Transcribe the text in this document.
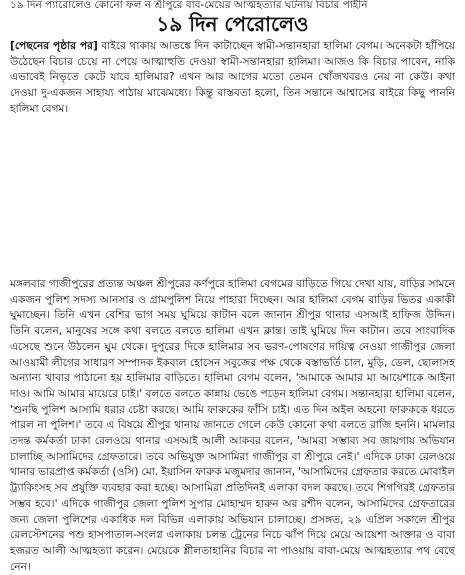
১৯ দিন প্যারোলেও কোনো ফল ন শ্রীপুরে বাব-মেয়ের আত্মহত্যার ঘটনায় বিচার পাইনি
১৯ দিন পেরোলেও
[পেছনের পৃষ্ঠার পর] বাইরে থাকায় আতঙ্কে দিন কাটাচ্ছেন স্বামী-সন্তানহারা হালিমা বেগম। অনেকটা হাঁপিয়ে উঠেছেন বিচার চেয়ে না পেয়ে আত্মাহুতি দেওয়া স্বামী-সন্তানহারা হালিমা। আজও কি বিচার পাবেন, নাকি এভাবেই নিভৃতে কেটে যাবে হালিমার? এখন আর আগের মতো তেমন খোঁজখবরও নেয় না কেউ। কথা দেওয়া দু-একজন সাহায্য পাঠায় মাঝেমধ্যে। কিন্তু বাস্তবতা হলো, তিন সন্তানে আশ্বাসের বাইরে কিছু পাননি হালিমা বেগম।
মঙ্গলবার গাজীপুরের প্রত্যন্ত অঞ্চল শ্রীপুরের কর্ণপুরে হালিমা বেগমের বাড়িতে গিয়ে দেখা যায়, বাড়ির সামনে একজন পুলিশ সদস্য আনসার ও গ্রামপুলিশ নিয়ে পাহারা দিচ্ছেন। আর হালিমা বেগম বাড়ির ভিতর একাকী ঘুমাচ্ছেন। তিনি এখন বেশির ভাগ সময় ঘুমিয়ে কাটান বলে জানান শ্রীপুর থানার এসআই হাফিজ উদ্দিন। তিনি বলেন, মানুষের সঙ্গে কথা বলতে বলতে হালিমা এখন ক্লান্ত। তাই ঘুমিয়ে দিন কাটান। তবে সাংবাদিক এসেছে শুনে উঠলেন ঘুম থেকে। দুপুরের দিকে হালিমার সব ভরণ-পোষণের দায়িত্ব নেওয়া গাজীপুর জেলা আওয়ামী লীগের সাধারণ সম্পাদক ইকবাল হোসেন সবুজের পক্ষ থেকে বস্তাভর্তি চাল, মুড়ি, ডেল, ছোলাসহ অন্যান্য খাবার পাঠানো হয় হালিমার বাড়িতে। হালিমা বেগম বলেন, 'আমাকে আমার মা আয়েশাকে আইনা দাও। আমি আমার মায়েরে চাই।' বলতে বলতে কান্নায় ভেঙে পড়েন হালিমা বেগম। সন্তানহারা হালিমা বলেন, 'শুনছি পুলিশ আসামি ধরার চেষ্টা করছে। আমি ফারুকের ফাঁসি চাই। এত দিন অইল অহনো ফারুককে ধরতে পারল না পুলিশ।' তবে এ বিষয়ে শ্রীপুর থানায় জানতে গেলে কেউ কোনো কথা বলতে রাজি হননি। মামলার তদন্ত কর্মকর্তা ঢাকা রেলওয়ে থানার এসআই আলী আকবর বলেন, 'আমরা সম্ভাব্য সব জায়গায় অভিযান চালাচ্ছি আসামিদের গ্রেফতারে। তবে অভিযুক্ত আসামিরা গাজীপুর বা শ্রীপুরে নেই।' এদিকে ঢাকা রেলওয়ে থানার ভারপ্রাপ্ত কর্মকর্তা (ওসি) মো. ইয়াসিন ফারুক মজুমদার জানান, 'আসামিদের গ্রেফতার করতে মোবাইল ট্র্যাকিংসহ সব প্রযুক্তি ব্যবহার করা হচ্ছে। আসামিরা প্রতিদিনই এলাকা বদল করছে। তবে শিগগিরই গ্রেফতার সম্ভব হবে।' এদিকে গাজীপুর জেলা পুলিশ সুপার মোহাম্মদ হারুন অর রশীদ বলেন, আসামিদের গ্রেফতারের জন্য জেলা পুলিশের একাধিক দল বিভিন্ন এলাকায় অভিযান চালাচ্ছে। প্রসঙ্গত, ২৯ এপ্রিল সকালে শ্রীপুর রেলস্টেশনের পশু হাসপাতাল-সংলগ্ন এলাকায় চলন্ত ট্রেনের নিচে ঝাঁপ দিয়ে মেয়ে আয়েশা আক্তার ও বাবা হজরত আলী আত্মহত্যা করেন। মেয়েকে শ্লীলতাহানির বিচার না পাওয়ায় বাবা-মেয়ে আত্মহত্যার পথ বেছে নেন।
